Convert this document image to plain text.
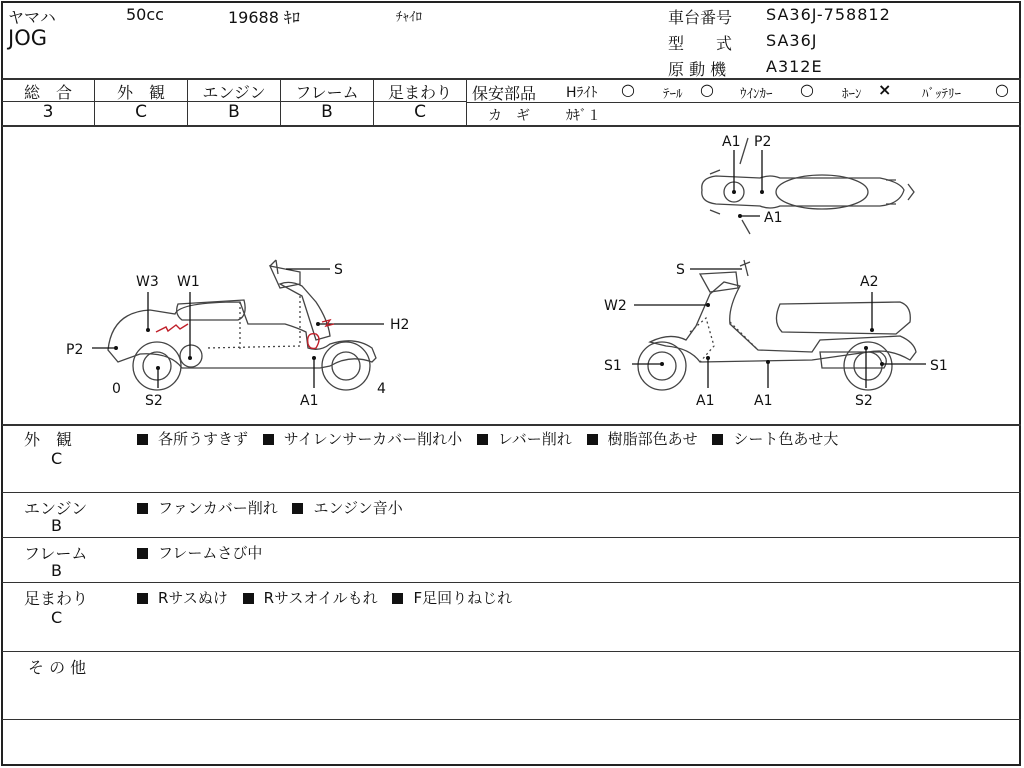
ヤマハ	50cc	19688 ｷﾛ	ﾁｬｲﾛ
JOG
車台番号 SA36J-758812
型　　式 SA36J
原 動 機 A312E
総　合
3
外　観
C
エンジン
B
フレーム
B
足まわり
C
保安部品 Hﾗｲﾄ ○ ﾃｰﾙ ○ ｳｲﾝｶｰ ○ ﾎｰﾝ × ﾊﾞｯﾃﾘｰ ○
カ　ギ	ｶｷﾞ１
A1 P2
A1
S
W3 W1
H2
P2
0
S2	A1
4
S
A2
W2
S1	S1
A1	A1	S2
外　観
C
各所うすきず サイレンサーカバー削れ小 レバー削れ 樹脂部色あせ シート色あせ大
エンジン
B
ファンカバー削れ エンジン音小
フレーム
B
フレームさび中
足まわり
C
Rサスぬけ Rサスオイルもれ F足回りねじれ
そ の 他
